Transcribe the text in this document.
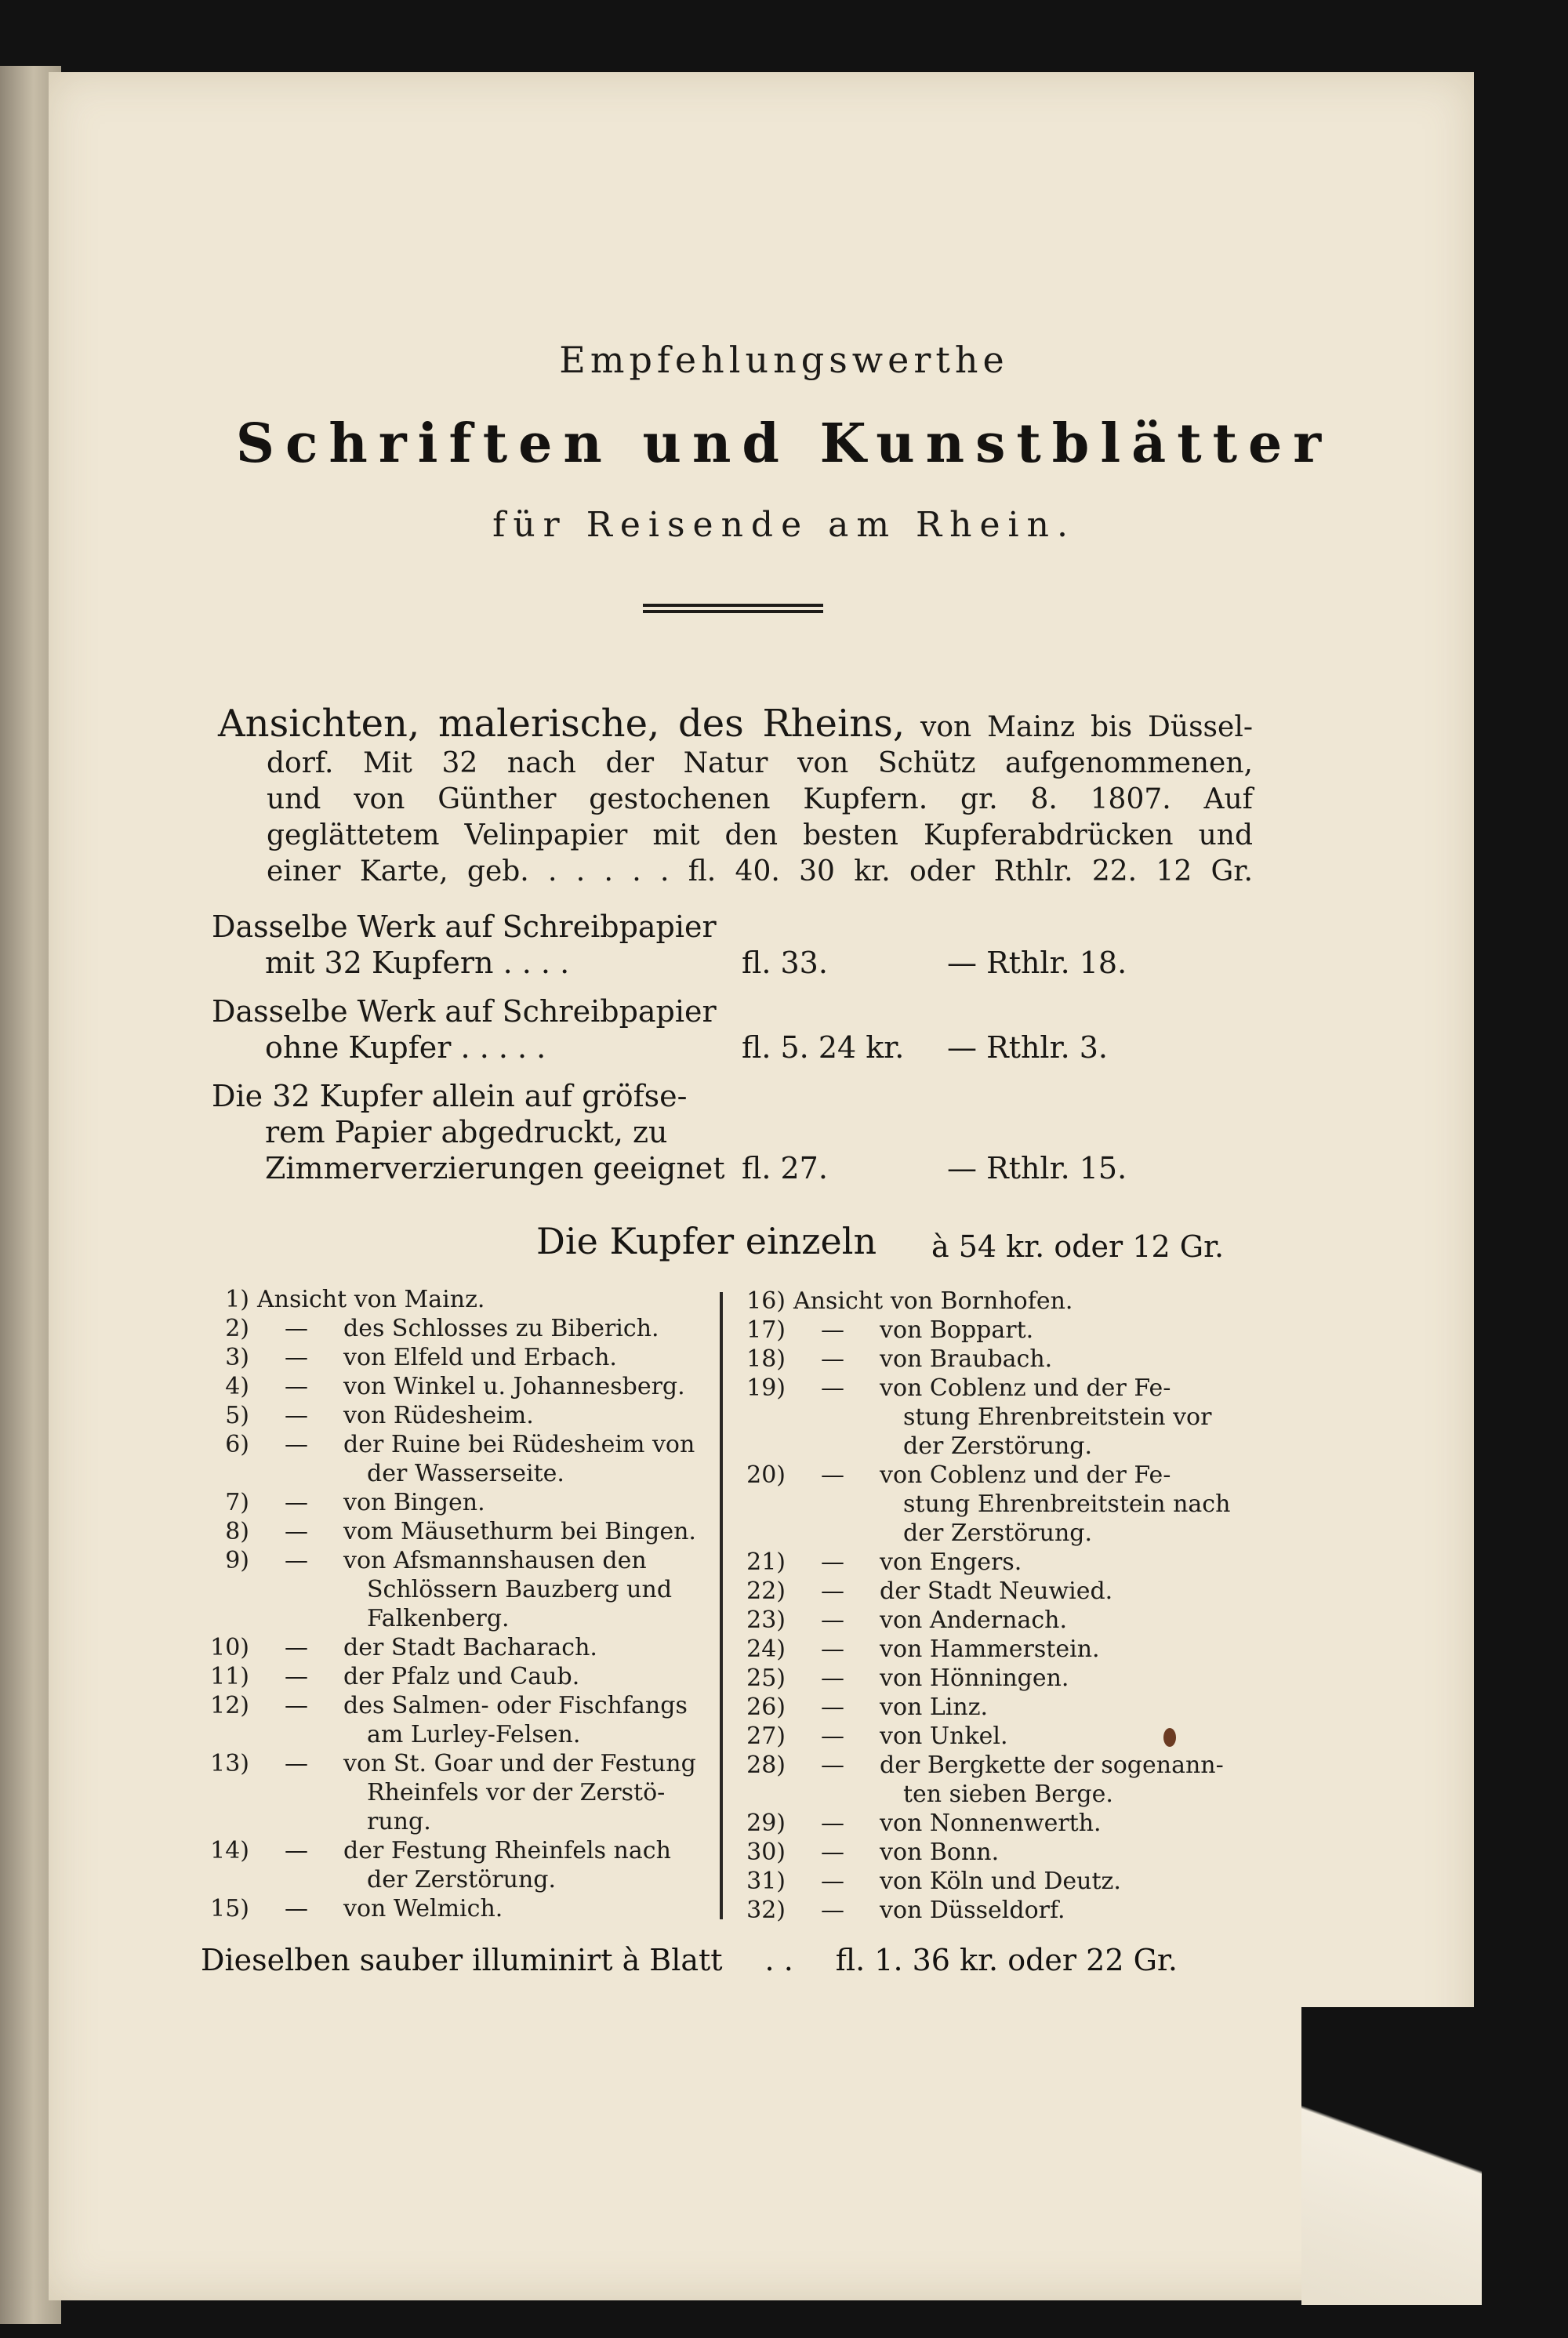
Empfehlungswerthe
Schriften und Kunstblätter
für Reisende am Rhein.
Ansichten, malerische, des Rheins, von Mainz bis Düssel-
dorf. Mit 32 nach der Natur von Schütz aufgenommenen,
und von Günther gestochenen Kupfern. gr. 8. 1807. Auf
geglättetem Velinpapier mit den besten Kupferabdrücken und
einer Karte, geb. . . . . . fl. 40. 30 kr. oder Rthlr. 22. 12 Gr.
Dasselbe Werk auf Schreibpapier
mit 32 Kupfern . . . .	fl. 33.	— Rthlr. 18.
Dasselbe Werk auf Schreibpapier
ohne Kupfer . . . . .	fl. 5. 24 kr. — Rthlr. 3.
Die 32 Kupfer allein auf gröfse-
rem Papier abgedruckt, zu
Zimmerverzierungen geeignet fl. 27.	— Rthlr. 15.
Die Kupfer einzeln à 54 kr. oder 12 Gr.
1) Ansicht von Mainz.
2) — des Schlosses zu Biberich.
3) — von Elfeld und Erbach.
4) — von Winkel u. Johannesberg.
5) — von Rüdesheim.
6) — der Ruine bei Rüdesheim von
der Wasserseite.
7) — von Bingen.
8) — vom Mäusethurm bei Bingen.
9) — von Afsmannshausen den
Schlössern Bauzberg und
Falkenberg.
10) — der Stadt Bacharach.
11) — der Pfalz und Caub.
12) — des Salmen- oder Fischfangs
am Lurley-Felsen.
13) — von St. Goar und der Festung
Rheinfels vor der Zerstö-
rung.
14) — der Festung Rheinfels nach
der Zerstörung.
15) — von Welmich.
16) Ansicht von Bornhofen.
17) — von Boppart.
18) — von Braubach.
19) — von Coblenz und der Fe-
stung Ehrenbreitstein vor
der Zerstörung.
20) — von Coblenz und der Fe-
stung Ehrenbreitstein nach
der Zerstörung.
21) — von Engers.
22) — der Stadt Neuwied.
23) — von Andernach.
24) — von Hammerstein.
25) — von Hönningen.
26) — von Linz.
27) — von Unkel.
28) — der Bergkette der sogenann-
ten sieben Berge.
29) — von Nonnenwerth.
30) — von Bonn.
31) — von Köln und Deutz.
32) — von Düsseldorf.
Dieselben sauber illuminirt à Blatt . . fl. 1. 36 kr. oder 22 Gr.
